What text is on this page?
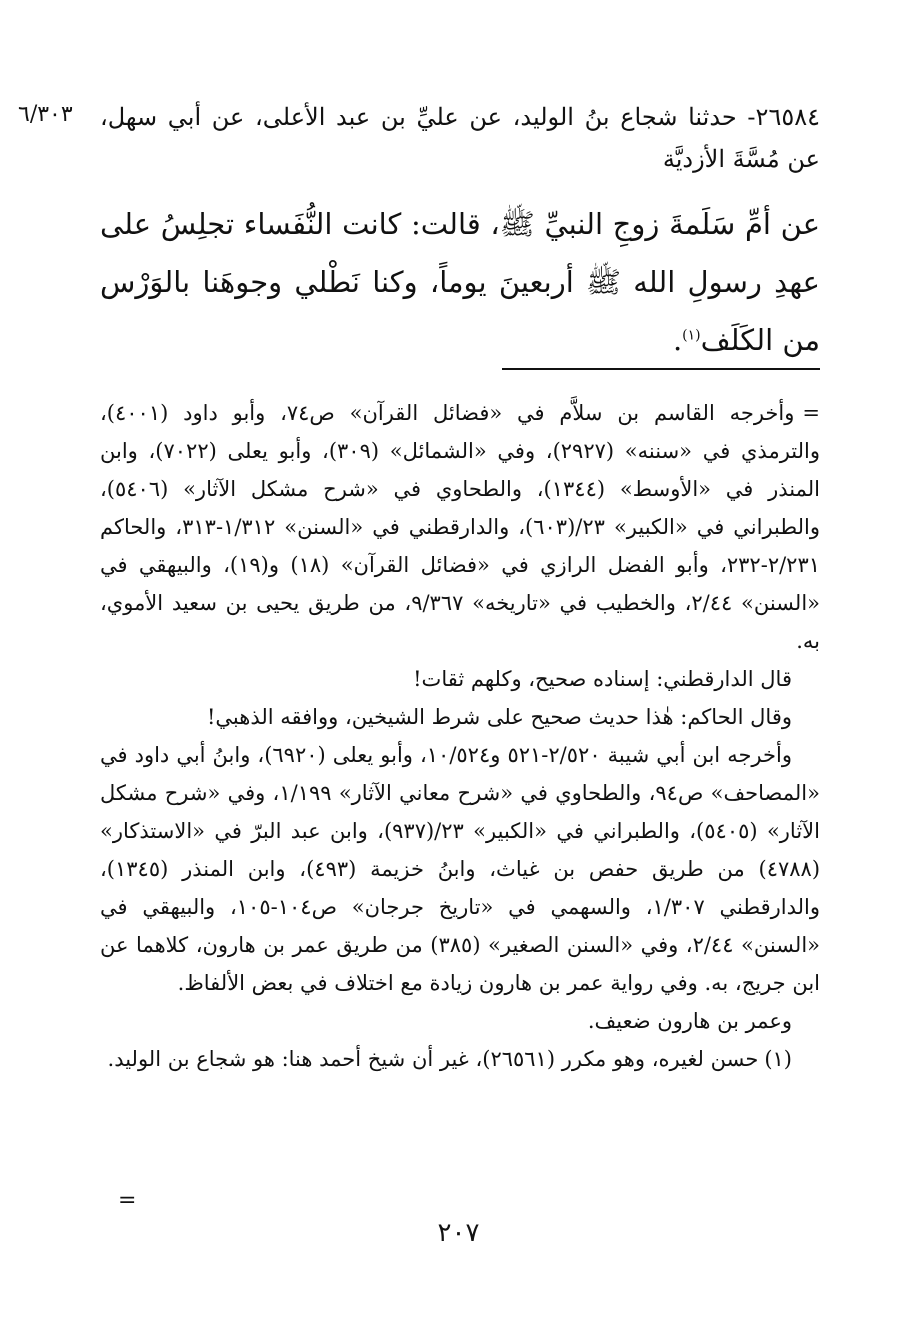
٦/٣٠٣ ٢٦٥٨٤- حدثنا شجاع بنُ الوليد، عن عليِّ بن عبد الأعلى، عن أبي سهل، عن مُسَّةَ الأزديَّة
عن أمِّ سَلَمةَ زوجِ النبيِّ ﷺ، قالت: كانت النُّفَساء تجلِسُ على عهدِ رسولِ الله ﷺ أربعينَ يوماً، وكنا نَطْلي وجوهَنا بالوَرْس من الكَلَف$^{(١)}$.

=وأخرجه القاسم بن سلاَّم في «فضائل القرآن» ص٧٤، وأبو داود (٤٠٠١)، والترمذي في «سننه» (٢٩٢٧)، وفي «الشمائل» (٣٠٩)، وأبو يعلى (٧٠٢٢)، وابن المنذر في «الأوسط» (١٣٤٤)، والطحاوي في «شرح مشكل الآثار» (٥٤٠٦)، والطبراني في «الكبير» ٢٣/(٦٠٣)، والدارقطني في «السنن» ١/٣١٢-٣١٣، والحاكم ٢/٢٣١-٢٣٢، وأبو الفضل الرازي في «فضائل القرآن» (١٨) و(١٩)، والبيهقي في «السنن» ٢/٤٤، والخطيب في «تاريخه» ٩/٣٦٧، من طريق يحيى بن سعيد الأموي، به.

قال الدارقطني: إسناده صحيح، وكلهم ثقات!

وقال الحاكم: هٰذا حديث صحيح على شرط الشيخين، ووافقه الذهبي!

وأخرجه ابن أبي شيبة ٢/٥٢٠-٥٢١ و١٠/٥٢٤، وأبو يعلى (٦٩٢٠)، وابنُ أبي داود في «المصاحف» ص٩٤، والطحاوي في «شرح معاني الآثار» ١/١٩٩، وفي «شرح مشكل الآثار» (٥٤٠٥)، والطبراني في «الكبير» ٢٣/(٩٣٧)، وابن عبد البرّ في «الاستذكار» (٤٧٨٨) من طريق حفص بن غياث، وابنُ خزيمة (٤٩٣)، وابن المنذر (١٣٤٥)، والدارقطني ١/٣٠٧، والسهمي في «تاريخ جرجان» ص١٠٤-١٠٥، والبيهقي في «السنن» ٢/٤٤، وفي «السنن الصغير» (٣٨٥) من طريق عمر بن هارون، كلاهما عن ابن جريج، به. وفي رواية عمر بن هارون زيادة مع اختلاف في بعض الألفاظ.

وعمر بن هارون ضعيف.

(١)حسن لغيره، وهو مكرر (٢٦٥٦١)، غير أن شيخ أحمد هنا: هو شجاع بن الوليد.

=
٢٠٧
